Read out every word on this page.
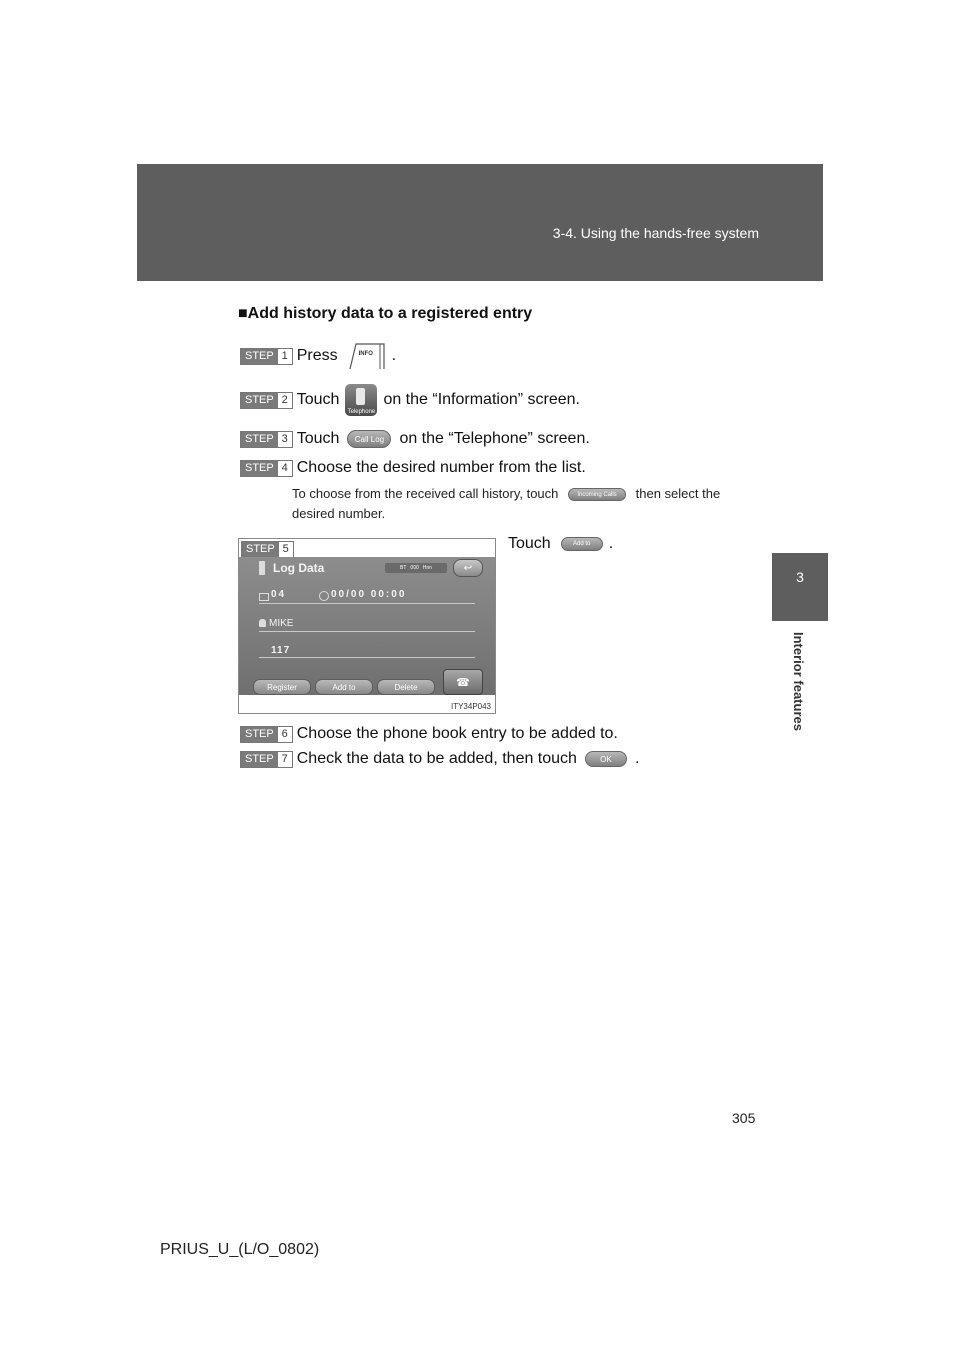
3-4. Using the hands-free system
3
Interior features
■Add history data to a registered entry
STEP 1 Press	INFO .
STEP 2 Touch
Telephone
on the “Information” screen.
STEP 3 Touch	Call Log on the “Telephone” screen.
STEP 4 Choose the desired number from the list.
To choose from the received call history, touch	Incoming Calls then select the desired number.
STEP 5
Log Data	BT 000 Hnn	↩
04	00/00 00:00
MIKE
117
Register	Add to	Delete	☎
ITY34P043
Touch	Add to	.
STEP 6 Choose the phone book entry to be added to.
STEP 7 Check the data to be added, then touch	OK	.
305
PRIUS_U_(L/O_0802)
